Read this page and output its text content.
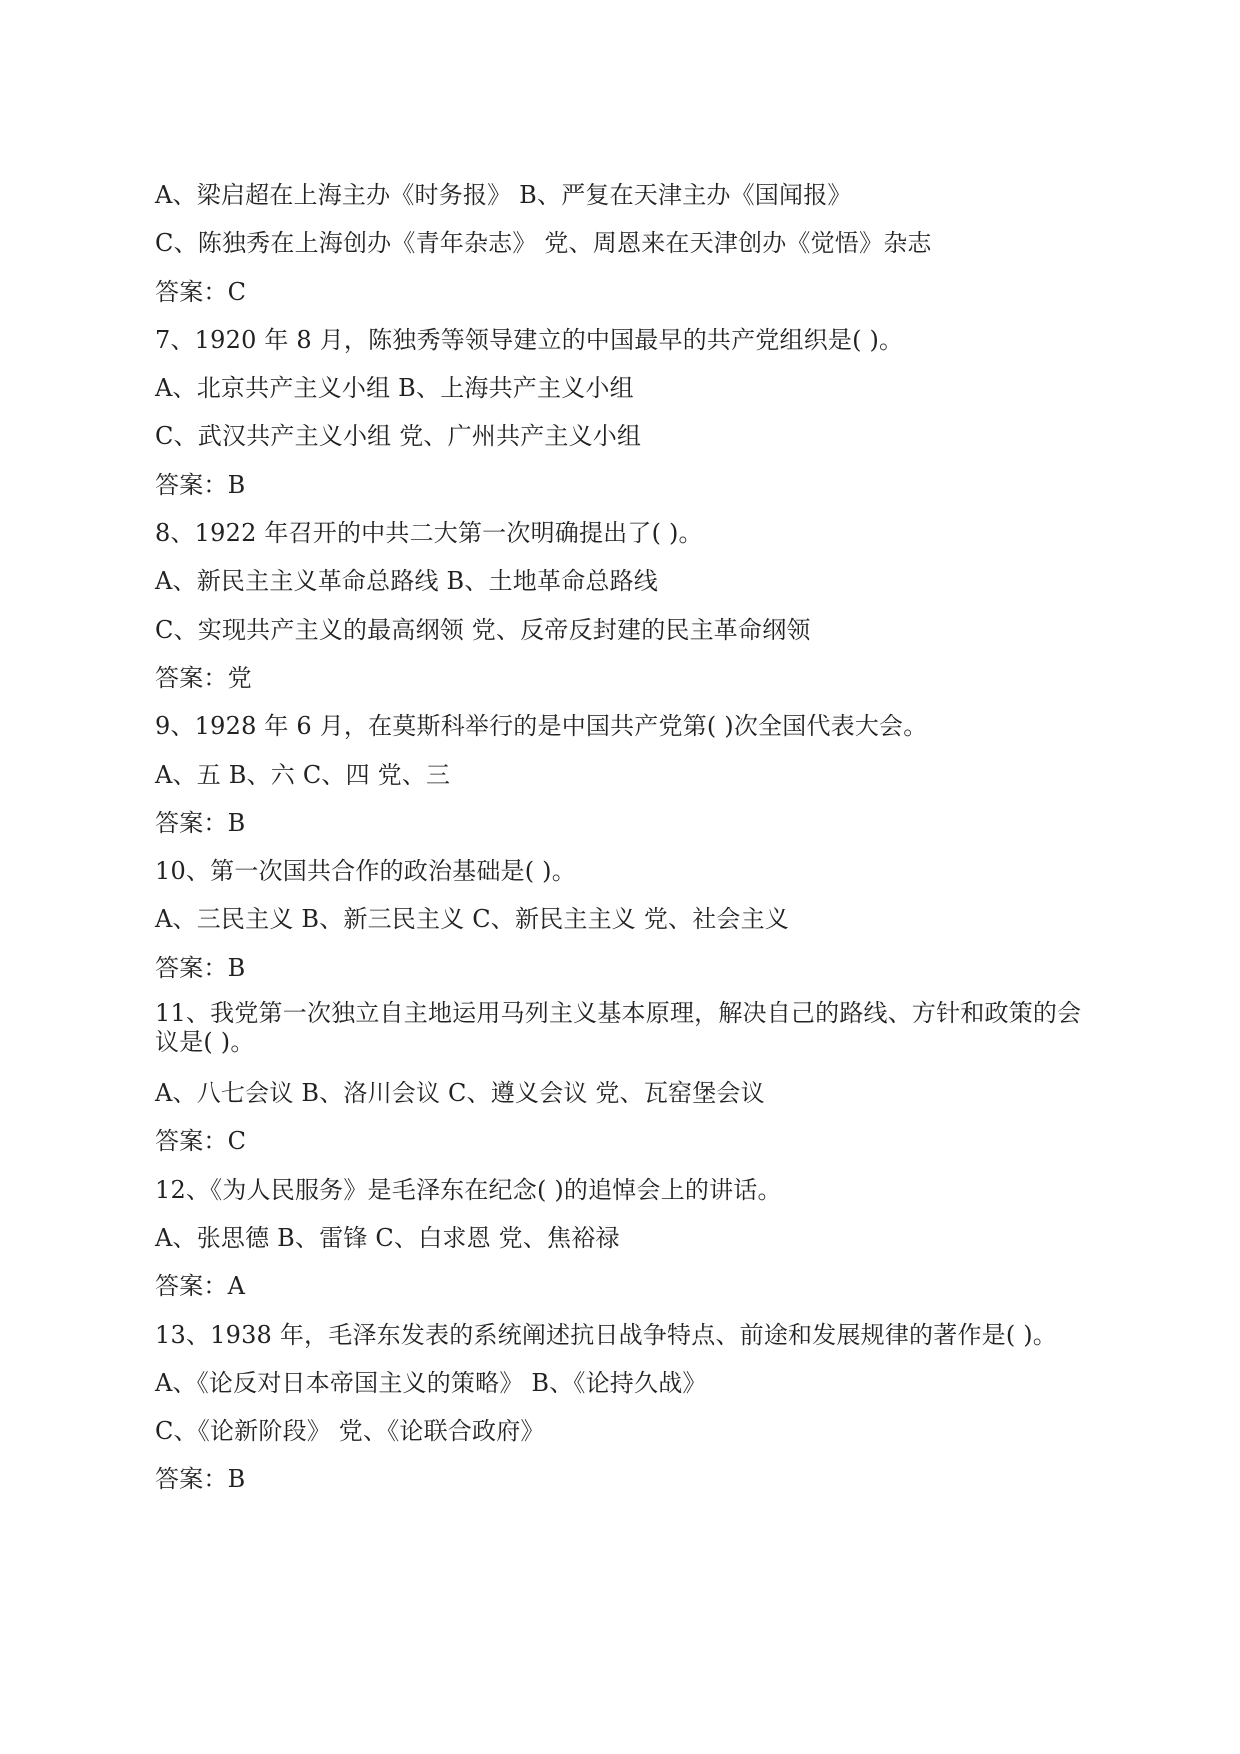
A、梁启超在上海主办《时务报》 B、严复在天津主办《国闻报》

C、陈独秀在上海创办《青年杂志》 党、周恩来在天津创办《觉悟》杂志

答案：C

7、1920 年 8 月，陈独秀等领导建立的中国最早的共产党组织是( )。

A、北京共产主义小组 B、上海共产主义小组

C、武汉共产主义小组 党、广州共产主义小组

答案：B

8、1922 年召开的中共二大第一次明确提出了( )。

A、新民主主义革命总路线 B、土地革命总路线

C、实现共产主义的最高纲领 党、反帝反封建的民主革命纲领

答案：党

9、1928 年 6 月，在莫斯科举行的是中国共产党第( )次全国代表大会。

A、五 B、六 C、四 党、三

答案：B

10、第一次国共合作的政治基础是( )。

A、三民主义 B、新三民主义 C、新民主主义 党、社会主义

答案：B

11、我党第一次独立自主地运用马列主义基本原理，解决自己的路线、方针和政策的会议是( )。

A、八七会议 B、洛川会议 C、遵义会议 党、瓦窑堡会议

答案：C

12、《为人民服务》是毛泽东在纪念( )的追悼会上的讲话。

A、张思德 B、雷锋 C、白求恩 党、焦裕禄

答案：A

13、1938 年，毛泽东发表的系统阐述抗日战争特点、前途和发展规律的著作是( )。

A、《论反对日本帝国主义的策略》 B、《论持久战》

C、《论新阶段》 党、《论联合政府》

答案：B
